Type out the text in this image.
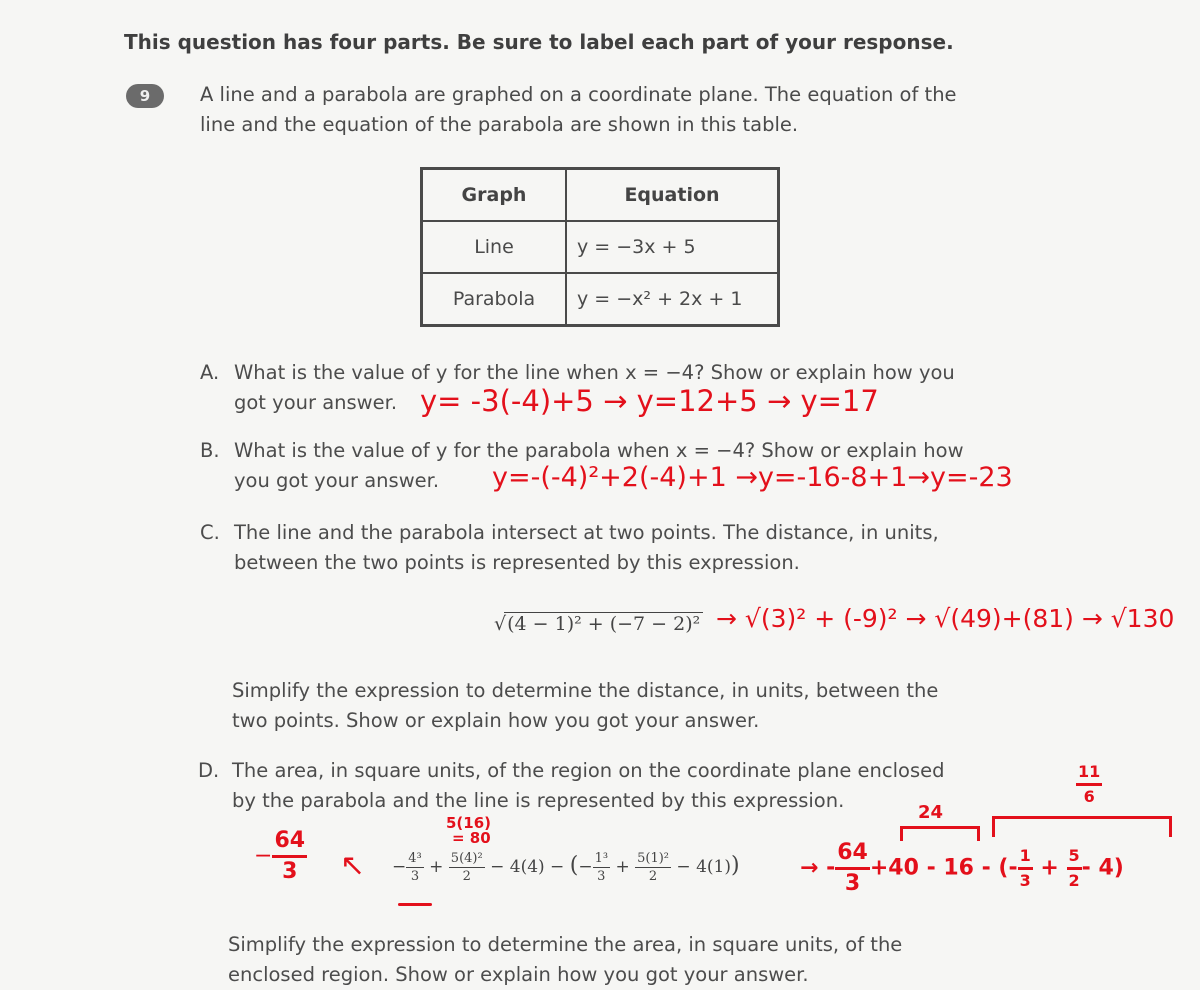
This question has four parts. Be sure to label each part of your response.
9	A line and a parabola are graphed on a coordinate plane. The equation of the
line and the equation of the parabola are shown in this table.
Graph	Equation
Line	y = −3x + 5
Parabola	y = −x² + 2x + 1
A. What is the value of y for the line when x = −4? Show or explain how you
got your answer. y= -3(-4)+5 → y=12+5 → y=17
B. What is the value of y for the parabola when x = −4? Show or explain how
you got your answer.	y=-(-4)²+2(-4)+1 →y=-16-8+1→y=-23
C. The line and the parabola intersect at two points. The distance, in units,
between the two points is represented by this expression.
√(4 − 1)² + (−7 − 2)² → √(3)² + (-9)² → √(49)+(81) → √130
Simplify the expression to determine the distance, in units, between the
two points. Show or explain how you got your answer.
D. The area, in square units, of the region on the coordinate plane enclosed
by the parabola and the line is represented by this expression.
− $\frac{64}{3}$ ↖
5(16)
= 80
− $\frac{\text{4³}}{3} + \frac{\text{5(4)²}}{2} - 4(4)$ − (− $\frac{\text{1³}}{3} + \frac{\text{5(1)²}}{2} - 4(1)$)	→ - $\frac{64}{3} +40 - 16$ - (- $\frac{1}{3} + \frac{5}{2} - 4$)
24
$\frac{11}{6}$
Simplify the expression to determine the area, in square units, of the
enclosed region. Show or explain how you got your answer.
